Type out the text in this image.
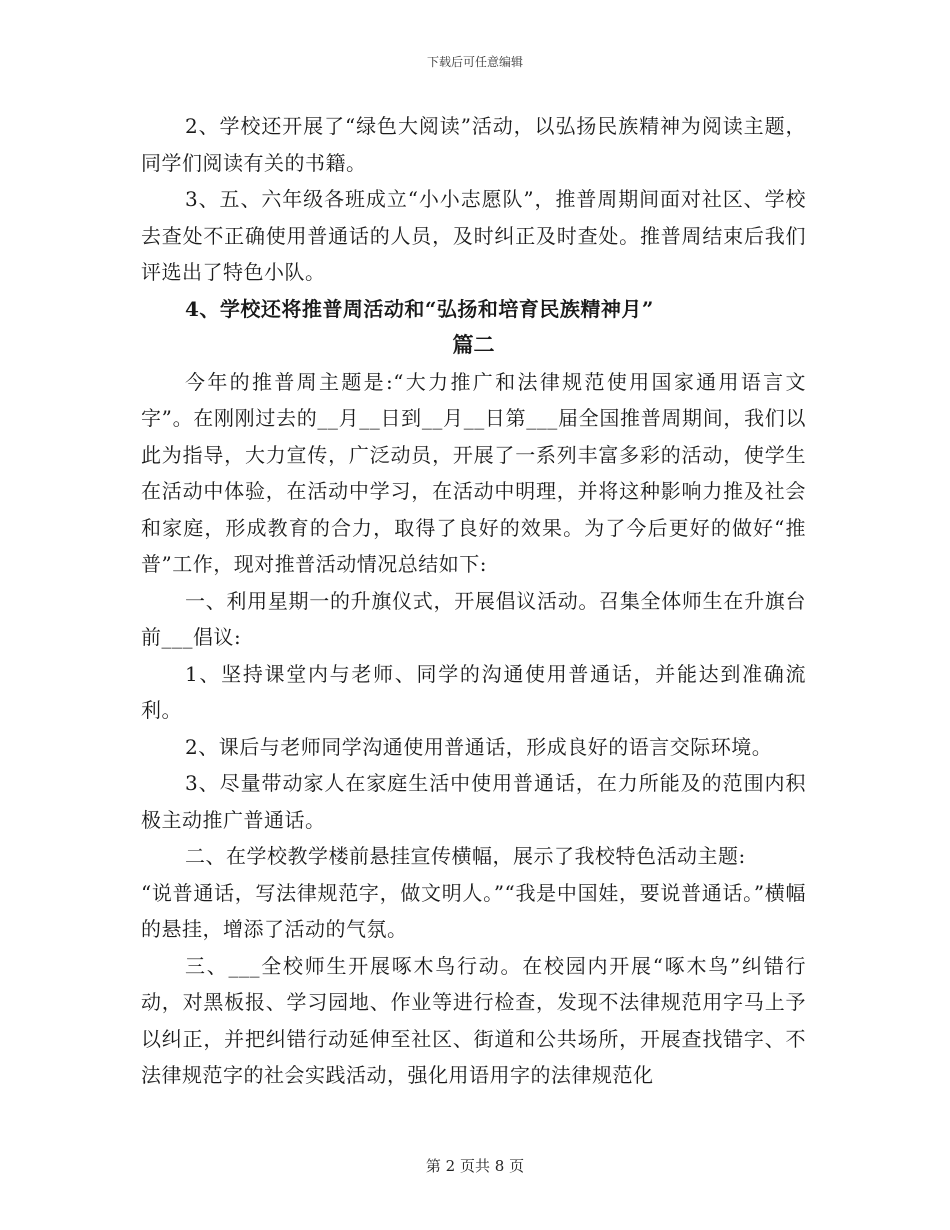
下载后可任意编辑

2、学校还开展了“绿色大阅读”活动，以弘扬民族精神为阅读主题，同学们阅读有关的书籍。

3、五、六年级各班成立“小小志愿队”，推普周期间面对社区、学校去查处不正确使用普通话的人员，及时纠正及时查处。推普周结束后我们评选出了特色小队。

4、学校还将推普周活动和“弘扬和培育民族精神月”

篇二

今年的推普周主题是:“大力推广和法律规范使用国家通用语言文字”。在刚刚过去的__月__日到__月__日第___届全国推普周期间，我们以此为指导，大力宣传，广泛动员，开展了一系列丰富多彩的活动，使学生在活动中体验，在活动中学习，在活动中明理，并将这种影响力推及社会和家庭，形成教育的合力，取得了良好的效果。为了今后更好的做好“推普”工作，现对推普活动情况总结如下:

一、利用星期一的升旗仪式，开展倡议活动。召集全体师生在升旗台前___倡议:

1、坚持课堂内与老师、同学的沟通使用普通话，并能达到准确流利。

2、课后与老师同学沟通使用普通话，形成良好的语言交际环境。

3、尽量带动家人在家庭生活中使用普通话，在力所能及的范围内积极主动推广普通话。

二、在学校教学楼前悬挂宣传横幅，展示了我校特色活动主题:

“说普通话，写法律规范字，做文明人。”“我是中国娃，要说普通话。”横幅的悬挂，增添了活动的气氛。

三、___全校师生开展啄木鸟行动。在校园内开展“啄木鸟”纠错行动，对黑板报、学习园地、作业等进行检查，发现不法律规范用字马上予以纠正，并把纠错行动延伸至社区、街道和公共场所，开展查找错字、不法律规范字的社会实践活动，强化用语用字的法律规范化

第 2 页共 8 页
